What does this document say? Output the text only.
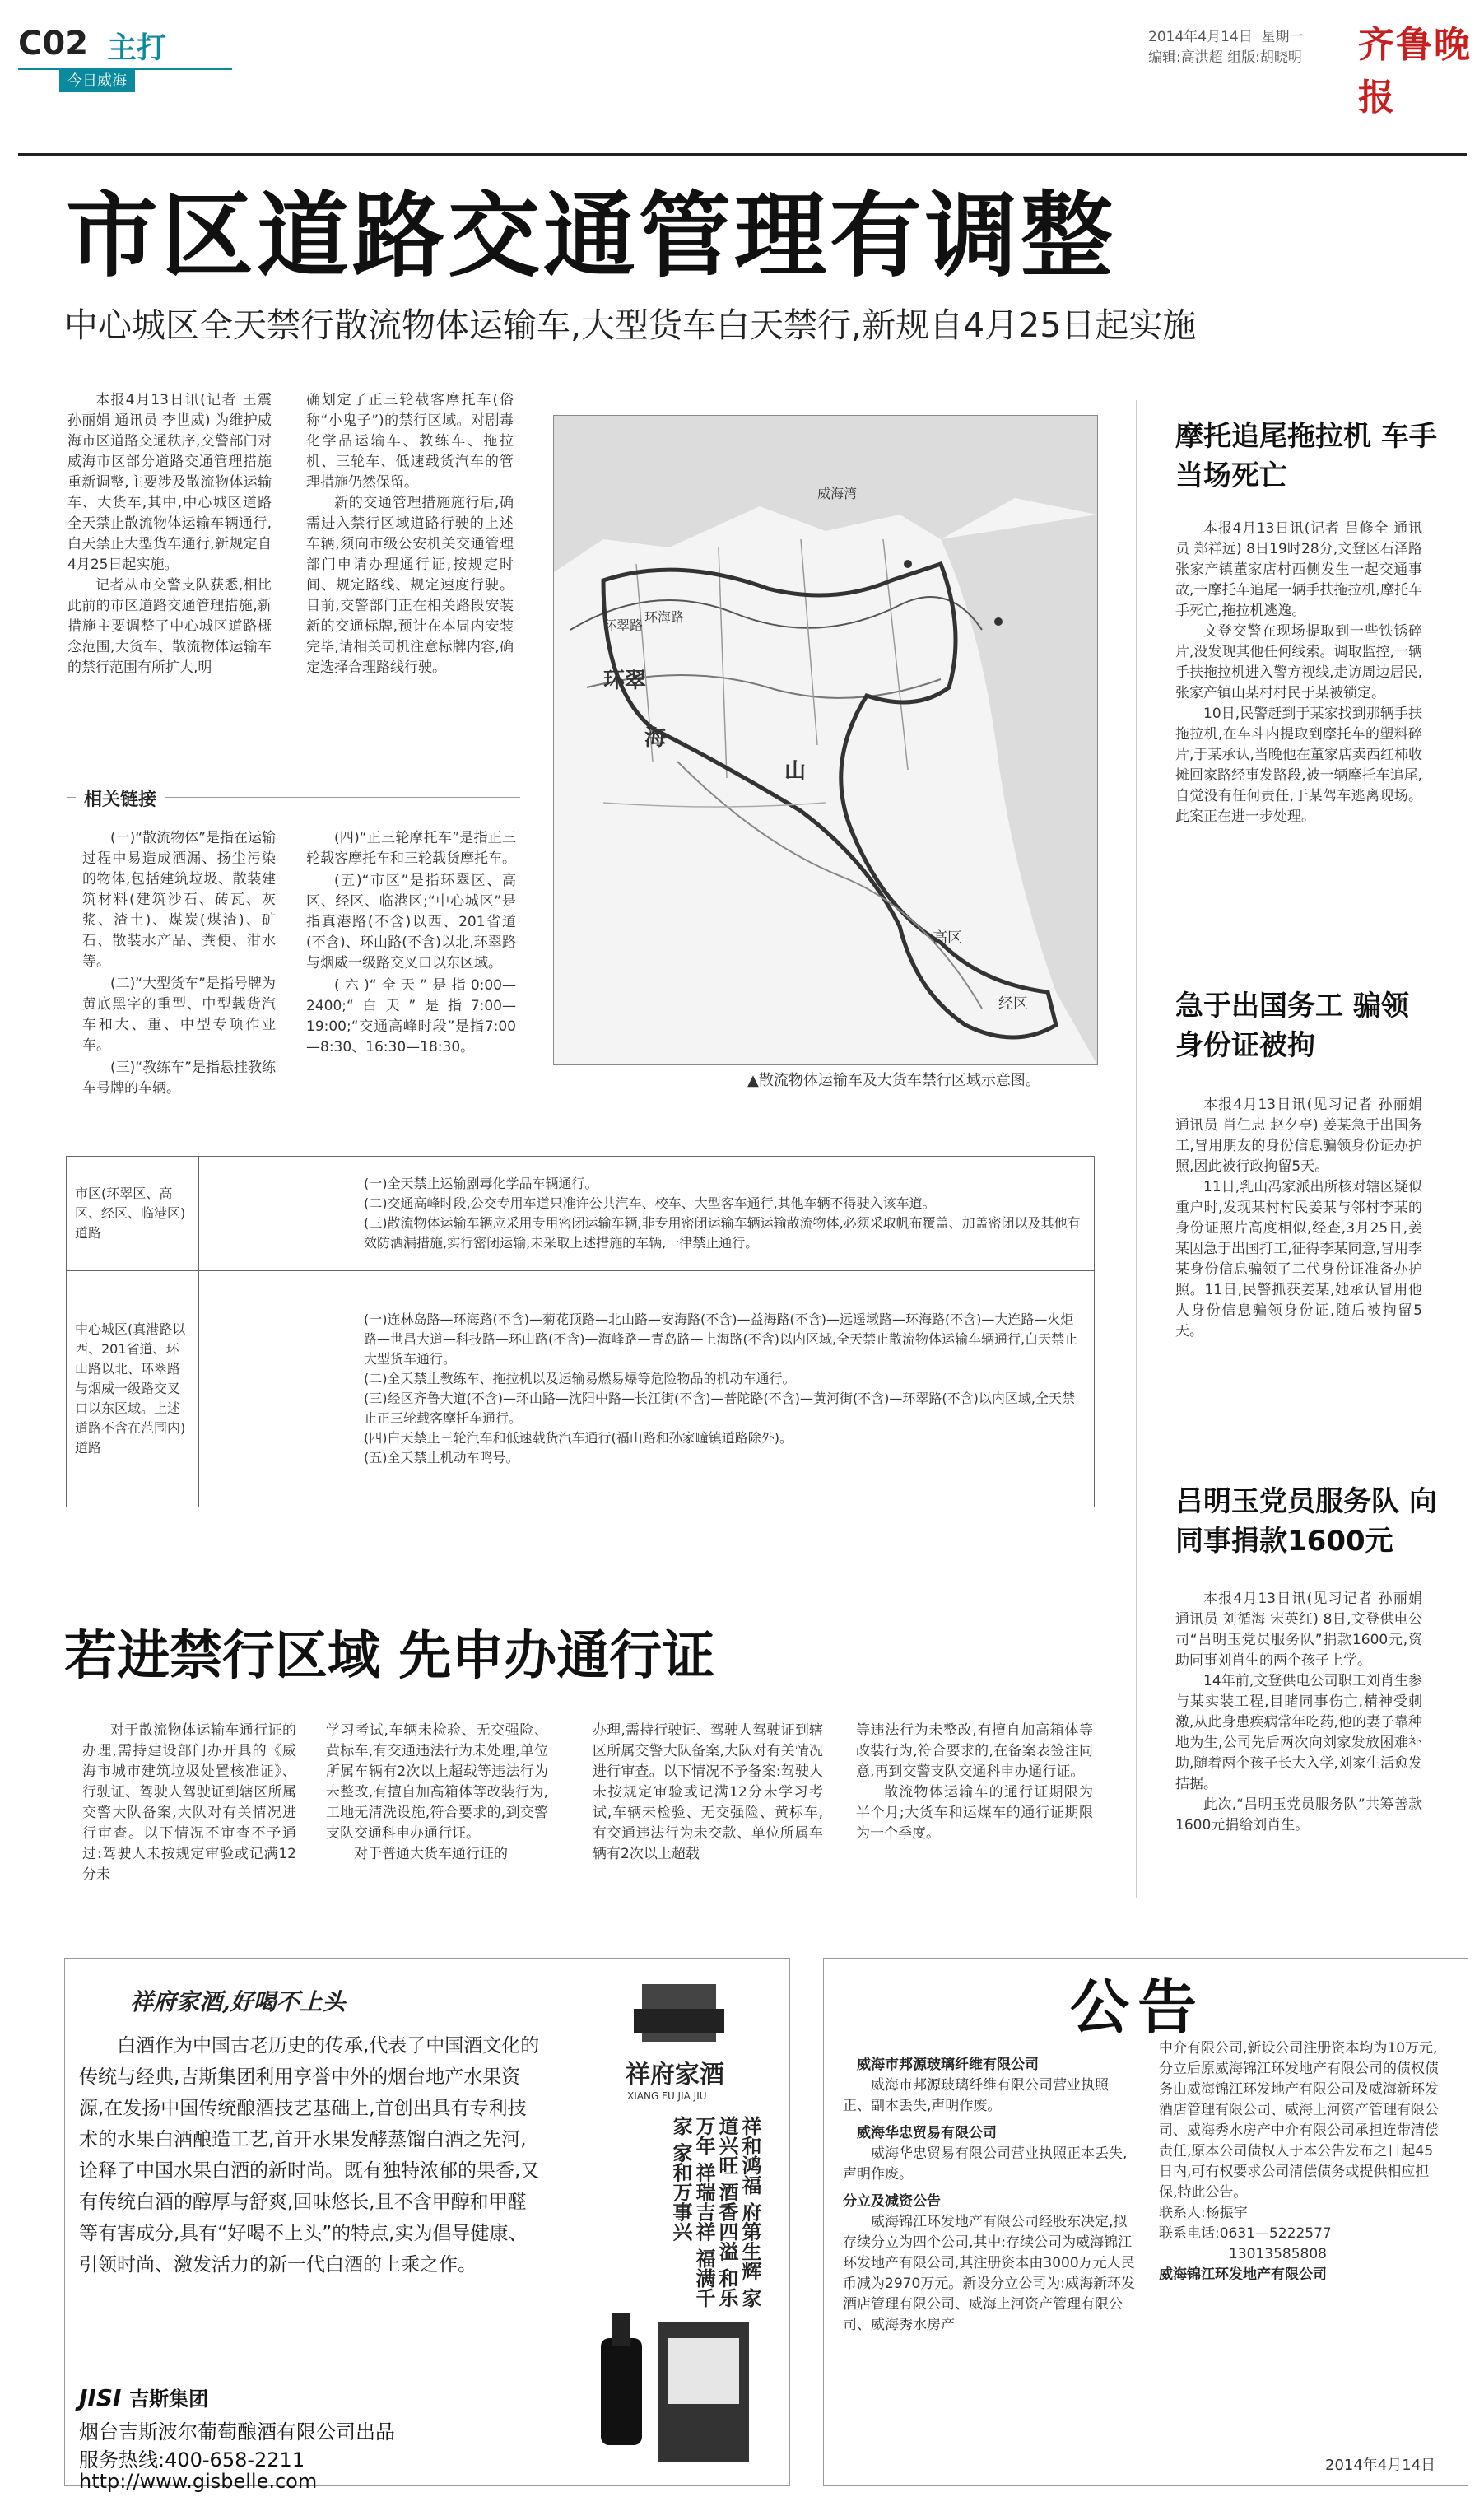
C02 主打
今日威海
2014年4月14日 星期一
编辑:高洪超 组版:胡晓明 齐鲁晚报
市区道路交通管理有调整
中心城区全天禁行散流物体运输车,大型货车白天禁行,新规自4月25日起实施

本报4月13日讯(记者 王震 孙丽娟 通讯员 李世威) 为维护威海市区道路交通秩序,交警部门对威海市区部分道路交通管理措施重新调整,主要涉及散流物体运输车、大货车,其中,中心城区道路全天禁止散流物体运输车辆通行,白天禁止大型货车通行,新规定自4月25日起实施。

记者从市交警支队获悉,相比此前的市区道路交通管理措施,新措施主要调整了中心城区道路概念范围,大货车、散流物体运输车的禁行范围有所扩大,明

确划定了正三轮载客摩托车(俗称“小鬼子”)的禁行区域。对剧毒化学品运输车、教练车、拖拉机、三轮车、低速载货汽车的管理措施仍然保留。

新的交通管理措施施行后,确需进入禁行区域道路行驶的上述车辆,须向市级公安机关交通管理部门申请办理通行证,按规定时间、规定路线、规定速度行驶。目前,交警部门正在相关路段安装新的交通标牌,预计在本周内安装完毕,请相关司机注意标牌内容,确定选择合理路线行驶。

相关链接

(一)“散流物体”是指在运输过程中易造成洒漏、扬尘污染的物体,包括建筑垃圾、散装建筑材料(建筑沙石、砖瓦、灰浆、渣土)、煤炭(煤渣)、矿石、散装水产品、粪便、泔水等。

(二)“大型货车”是指号牌为黄底黑字的重型、中型载货汽车和大、重、中型专项作业车。

(三)“教练车”是指悬挂教练车号牌的车辆。

(四)“正三轮摩托车”是指正三轮载客摩托车和三轮载货摩托车。

(五)“市区”是指环翠区、高区、经区、临港区;“中心城区”是指真港路(不含)以西、201省道(不含)、环山路(不含)以北,环翠路与烟威一级路交叉口以东区域。

(六)“全天”是指0:00—2400;“白天”是指7:00—19:00;“交通高峰时段”是指7:00—8:30、16:30—18:30。

威海湾
环海路
环翠
海
山
环翠路
高区
经区
▲散流物体运输车及大货车禁行区域示意图。
市区(环翠区、高区、经区、临港区)道路	(一)全天禁止运输剧毒化学品车辆通行。
(二)交通高峰时段,公交专用车道只准许公共汽车、校车、大型客车通行,其他车辆不得驶入该车道。
(三)散流物体运输车辆应采用专用密闭运输车辆,非专用密闭运输车辆运输散流物体,必须采取帆布覆盖、加盖密闭以及其他有效防洒漏措施,实行密闭运输,未采取上述措施的车辆,一律禁止通行。

中心城区(真港路以西、201省道、环山路以北、环翠路与烟威一级路交叉口以东区域。上述道路不含在范围内)道路	(一)连林岛路—环海路(不含)—菊花顶路—北山路—安海路(不含)—益海路(不含)—远遥墩路—环海路(不含)—大连路—火炬路—世昌大道—科技路—环山路(不含)—海峰路—青岛路—上海路(不含)以内区域,全天禁止散流物体运输车辆通行,白天禁止大型货车通行。
(二)全天禁止教练车、拖拉机以及运输易燃易爆等危险物品的机动车通行。
(三)经区齐鲁大道(不含)—环山路—沈阳中路—长江街(不含)—普陀路(不含)—黄河街(不含)—环翠路(不含)以内区域,全天禁止正三轮载客摩托车通行。
(四)白天禁止三轮汽车和低速载货汽车通行(福山路和孙家疃镇道路除外)。
(五)全天禁止机动车鸣号。
若进禁行区域 先申办通行证

对于散流物体运输车通行证的办理,需持建设部门办开具的《威海市城市建筑垃圾处置核准证》、行驶证、驾驶人驾驶证到辖区所属交警大队备案,大队对有关情况进行审查。以下情况不审查不予通过:驾驶人未按规定审验或记满12分未

学习考试,车辆未检验、无交强险、黄标车,有交通违法行为未处理,单位所属车辆有2次以上超载等违法行为未整改,有擅自加高箱体等改装行为,工地无清洗设施,符合要求的,到交警支队交通科申办通行证。

对于普通大货车通行证的

办理,需持行驶证、驾驶人驾驶证到辖区所属交警大队备案,大队对有关情况进行审查。以下情况不予备案:驾驶人未按规定审验或记满12分未学习考试,车辆未检验、无交强险、黄标车,有交通违法行为未交款、单位所属车辆有2次以上超载

等违法行为未整改,有擅自加高箱体等改装行为,符合要求的,在备案表签注同意,再到交警支队交通科申办通行证。

散流物体运输车的通行证期限为半个月;大货车和运煤车的通行证期限为一个季度。

摩托追尾拖拉机 车手当场死亡

本报4月13日讯(记者 吕修全 通讯员 郑祥远) 8日19时28分,文登区石泽路张家产镇董家店村西侧发生一起交通事故,一摩托车追尾一辆手扶拖拉机,摩托车手死亡,拖拉机逃逸。

文登交警在现场提取到一些铁锈碎片,没发现其他任何线索。调取监控,一辆手扶拖拉机进入警方视线,走访周边居民,张家产镇山某村村民于某被锁定。

10日,民警赶到于某家找到那辆手扶拖拉机,在车斗内提取到摩托车的塑料碎片,于某承认,当晚他在董家店卖西红柿收摊回家路经事发路段,被一辆摩托车追尾,自觉没有任何责任,于某驾车逃离现场。此案正在进一步处理。

急于出国务工 骗领身份证被拘

本报4月13日讯(见习记者 孙丽娟 通讯员 肖仁忠 赵夕亭) 姜某急于出国务工,冒用朋友的身份信息骗领身份证办护照,因此被行政拘留5天。

11日,乳山冯家派出所核对辖区疑似重户时,发现某村村民姜某与邻村李某的身份证照片高度相似,经查,3月25日,姜某因急于出国打工,征得李某同意,冒用李某身份信息骗领了二代身份证准备办护照。11日,民警抓获姜某,她承认冒用他人身份信息骗领身份证,随后被拘留5天。

吕明玉党员服务队 向同事捐款1600元

本报4月13日讯(见习记者 孙丽娟 通讯员 刘循海 宋英红) 8日,文登供电公司“吕明玉党员服务队”捐款1600元,资助同事刘肖生的两个孩子上学。

14年前,文登供电公司职工刘肖生参与某实装工程,目睹同事伤亡,精神受刺激,从此身患疾病常年吃药,他的妻子靠种地为生,公司先后两次向刘家发放困难补助,随着两个孩子长大入学,刘家生活愈发拮据。

此次,“吕明玉党员服务队”共筹善款1600元捐给刘肖生。

祥府家酒,好喝不上头
白酒作为中国古老历史的传承,代表了中国酒文化的传统与经典,吉斯集团利用享誉中外的烟台地产水果资源,在发扬中国传统酿酒技艺基础上,首创出具有专利技术的水果白酒酿造工艺,首开水果发酵蒸馏白酒之先河,诠释了中国水果白酒的新时尚。既有独特浓郁的果香,又有传统白酒的醇厚与舒爽,回味悠长,且不含甲醇和甲醛等有害成分,具有“好喝不上头”的特点,实为倡导健康、引领时尚、激发活力的新一代白酒的上乘之作。
JISI 吉斯集团
烟台吉斯波尔葡萄酿酒有限公司出品
服务热线:400-658-2211
http://www.gisbelle.com
祥府家酒
XIANG FU JIA JIU
祥和鸿福 府第生辉 家道兴旺 酒香四溢 和乐万年 祥瑞吉祥 福满千家 家和万事兴
公告
威海市邦源玻璃纤维有限公司

威海市邦源玻璃纤维有限公司营业执照正、副本丢失,声明作废。

威海华忠贸易有限公司

威海华忠贸易有限公司营业执照正本丢失,声明作废。

分立及减资公告

威海锦江环发地产有限公司经股东决定,拟存续分立为四个公司,其中:存续公司为威海锦江环发地产有限公司,其注册资本由3000万元人民币减为2970万元。新设分立公司为:威海新环发酒店管理有限公司、威海上河资产管理有限公司、威海秀水房产

中介有限公司,新设公司注册资本均为10万元,分立后原威海锦江环发地产有限公司的债权债务由威海锦江环发地产有限公司及威海新环发酒店管理有限公司、威海上河资产管理有限公司、威海秀水房产中介有限公司承担连带清偿责任,原本公司债权人于本公告发布之日起45日内,可有权要求公司清偿债务或提供相应担保,特此公告。

联系人:杨振宇
联系电话:0631—5222577
13013585808
威海锦江环发地产有限公司
2014年4月14日
